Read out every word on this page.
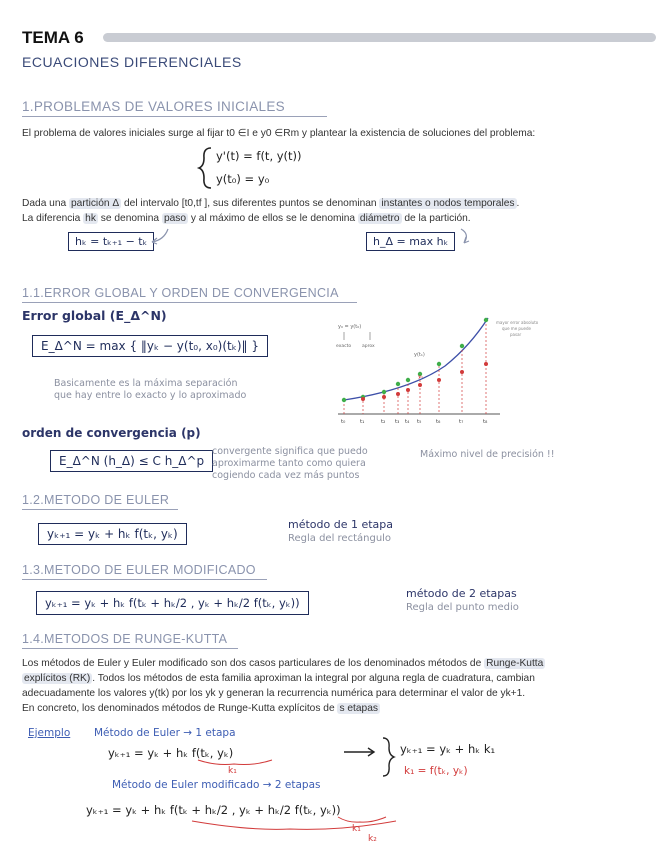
TEMA 6
ECUACIONES DIFERENCIALES
1.PROBLEMAS DE VALORES INICIALES
El problema de valores iniciales surge al fijar t0 ∈I e y0 ∈Rm y plantear la existencia de soluciones del problema:
y'(t) = f(t, y(t))
y(t₀) = y₀
Dada una partición Δ del intervalo [t0,tf ], sus diferentes puntos se denominan instantes o nodos temporales .
La diferencia hk se denomina paso y al máximo de ellos se le denomina diámetro de la partición.
hₖ = tₖ₊₁ − tₖ	h_Δ = max hₖ
1.1.ERROR GLOBAL Y ORDEN DE CONVERGENCIA
Error global (E_Δ^N)
E_Δ^N = max { ‖yₖ − y(t₀, x₀)(tₖ)‖ }
Basicamente es la máxima separación
que hay entre lo exacto y lo aproximado
y₀ = y(t₀)
exacto aprox
y(t₁)
y₁
mayor error absoluto
que me puede
pasar
t₀	t₁	t₂ t₃ t₄ t₅	t₆	t₇	t₈
orden de convergencia (p)
E_Δ^N (h_Δ) ≤ C h_Δ^p
convergente significa que puedo
aproximarme tanto como quiera
cogiendo cada vez más puntos
Máximo nivel de precisión !!
1.2.METODO DE EULER
yₖ₊₁ = yₖ + hₖ f(tₖ, yₖ)
método de 1 etapa
Regla del rectángulo
1.3.METODO DE EULER MODIFICADO
yₖ₊₁ = yₖ + hₖ f(tₖ + hₖ/2 , yₖ + hₖ/2 f(tₖ, yₖ))
método de 2 etapas
Regla del punto medio
1.4.METODOS DE RUNGE-KUTTA
Los métodos de Euler y Euler modificado son dos casos particulares de los denominados métodos de Runge-Kutta
explícitos (RK) . Todos los métodos de esta familia aproximan la integral por alguna regla de cuadratura, cambian
adecuadamente los valores y(tk) por los yk y generan la recurrencia numérica para determinar el valor de yk+1.
En concreto, los denominados métodos de Runge-Kutta explícitos de s etapas
Ejemplo Método de Euler → 1 etapa
yₖ₊₁ = yₖ + hₖ f(tₖ, yₖ)
k₁
yₖ₊₁ = yₖ + hₖ k₁
k₁ = f(tₖ, yₖ)
Método de Euler modificado → 2 etapas
yₖ₊₁ = yₖ + hₖ f(tₖ + hₖ/2 , yₖ + hₖ/2 f(tₖ, yₖ))
k₁
k₂
